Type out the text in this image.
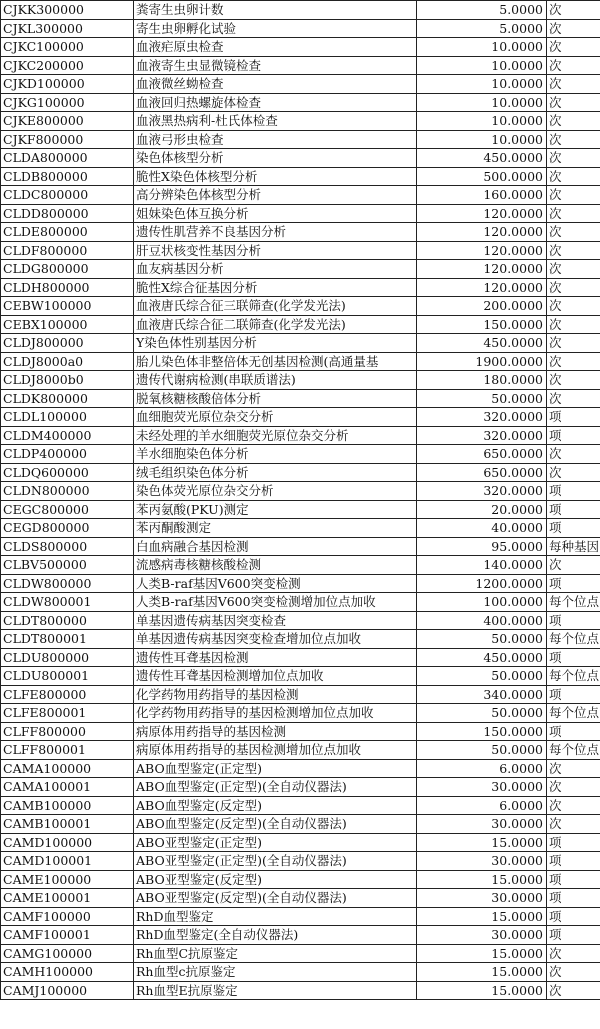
CJKK300000	粪寄生虫卵计数	5.0000	次
CJKL300000	寄生虫卵孵化试验	5.0000	次
CJKC100000	血液疟原虫检查	10.0000	次
CJKC200000	血液寄生虫显微镜检查	10.0000	次
CJKD100000	血液微丝蚴检查	10.0000	次
CJKG100000	血液回归热螺旋体检查	10.0000	次
CJKE800000	血液黑热病利-杜氏体检查	10.0000	次
CJKF800000	血液弓形虫检查	10.0000	次
CLDA800000	染色体核型分析	450.0000	次
CLDB800000	脆性X染色体核型分析	500.0000	次
CLDC800000	高分辨染色体核型分析	160.0000	次
CLDD800000	姐妹染色体互换分析	120.0000	次
CLDE800000	遗传性肌营养不良基因分析	120.0000	次
CLDF800000	肝豆状核变性基因分析	120.0000	次
CLDG800000	血友病基因分析	120.0000	次
CLDH800000	脆性X综合征基因分析	120.0000	次
CEBW100000	血液唐氏综合征三联筛查(化学发光法)	200.0000	次
CEBX100000	血液唐氏综合征二联筛查(化学发光法)	150.0000	次
CLDJ800000	Y染色体性别基因分析	450.0000	次
CLDJ8000a0	胎儿染色体非整倍体无创基因检测(高通量基	1900.0000	次
CLDJ8000b0	遗传代谢病检测(串联质谱法)	180.0000	次
CLDK800000	脱氧核糖核酸倍体分析	50.0000	次
CLDL100000	血细胞荧光原位杂交分析	320.0000	项
CLDM400000	未经处理的羊水细胞荧光原位杂交分析	320.0000	项
CLDP400000	羊水细胞染色体分析	650.0000	次
CLDQ600000	绒毛组织染色体分析	650.0000	次
CLDN800000	染色体荧光原位杂交分析	320.0000	项
CEGC800000	苯丙氨酸(PKU)测定	20.0000	项
CEGD800000	苯丙酮酸测定	40.0000	项
CLDS800000	白血病融合基因检测	95.0000	每种基因
CLBV500000	流感病毒核糖核酸检测	140.0000	次
CLDW800000	人类B-raf基因V600突变检测	1200.0000	项
CLDW800001	人类B-raf基因V600突变检测增加位点加收	100.0000	每个位点
CLDT800000	单基因遗传病基因突变检查	400.0000	项
CLDT800001	单基因遗传病基因突变检查增加位点加收	50.0000	每个位点
CLDU800000	遗传性耳聋基因检测	450.0000	项
CLDU800001	遗传性耳聋基因检测增加位点加收	50.0000	每个位点
CLFE800000	化学药物用药指导的基因检测	340.0000	项
CLFE800001	化学药物用药指导的基因检测增加位点加收	50.0000	每个位点
CLFF800000	病原体用药指导的基因检测	150.0000	项
CLFF800001	病原体用药指导的基因检测增加位点加收	50.0000	每个位点
CAMA100000	ABO血型鉴定(正定型)	6.0000	次
CAMA100001	ABO血型鉴定(正定型)(全自动仪器法)	30.0000	次
CAMB100000	ABO血型鉴定(反定型)	6.0000	次
CAMB100001	ABO血型鉴定(反定型)(全自动仪器法)	30.0000	次
CAMD100000	ABO亚型鉴定(正定型)	15.0000	项
CAMD100001	ABO亚型鉴定(正定型)(全自动仪器法)	30.0000	项
CAME100000	ABO亚型鉴定(反定型)	15.0000	项
CAME100001	ABO亚型鉴定(反定型)(全自动仪器法)	30.0000	项
CAMF100000	RhD血型鉴定	15.0000	项
CAMF100001	RhD血型鉴定(全自动仪器法)	30.0000	项
CAMG100000	Rh血型C抗原鉴定	15.0000	次
CAMH100000	Rh血型c抗原鉴定	15.0000	次
CAMJ100000	Rh血型E抗原鉴定	15.0000	次
